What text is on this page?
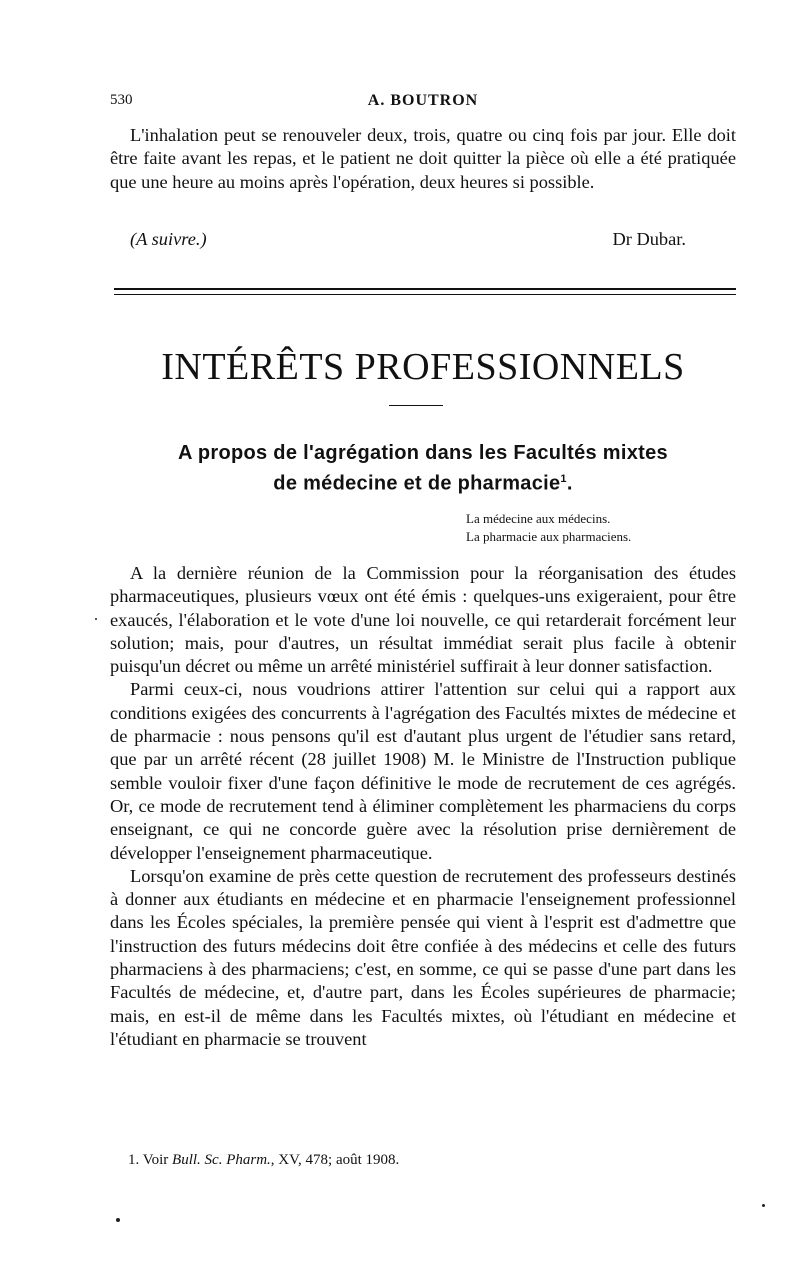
530	A. BOUTRON

L'inhalation peut se renouveler deux, trois, quatre ou cinq fois par jour. Elle doit être faite avant les repas, et le patient ne doit quitter la pièce où elle a été pratiquée que une heure au moins après l'opération, deux heures si possible.

(A suivre.)	Dr Dubar.
INTÉRÊTS PROFESSIONNELS
A propos de l'agrégation dans les Facultés mixtes
de médecine et de pharmacie$^1$.
La médecine aux médecins.
La pharmacie aux pharmaciens.

A la dernière réunion de la Commission pour la réorganisation des études pharmaceutiques, plusieurs vœux ont été émis : quelques-uns exigeraient, pour être exaucés, l'élaboration et le vote d'une loi nouvelle, ce qui retarderait forcément leur solution; mais, pour d'autres, un résultat immédiat serait plus facile à obtenir puisqu'un décret ou même un arrêté ministériel suffirait à leur donner satisfaction.

Parmi ceux-ci, nous voudrions attirer l'attention sur celui qui a rapport aux conditions exigées des concurrents à l'agrégation des Facultés mixtes de médecine et de pharmacie : nous pensons qu'il est d'autant plus urgent de l'étudier sans retard, que par un arrêté récent (28 juillet 1908) M. le Ministre de l'Instruction publique semble vouloir fixer d'une façon définitive le mode de recrutement de ces agrégés. Or, ce mode de recrutement tend à éliminer complètement les pharmaciens du corps enseignant, ce qui ne concorde guère avec la résolution prise dernièrement de développer l'enseignement pharmaceutique.

Lorsqu'on examine de près cette question de recrutement des professeurs destinés à donner aux étudiants en médecine et en pharmacie l'enseignement professionnel dans les Écoles spéciales, la première pensée qui vient à l'esprit est d'admettre que l'instruction des futurs médecins doit être confiée à des médecins et celle des futurs pharmaciens à des pharmaciens; c'est, en somme, ce qui se passe d'une part dans les Facultés de médecine, et, d'autre part, dans les Écoles supérieures de pharmacie; mais, en est-il de même dans les Facultés mixtes, où l'étudiant en médecine et l'étudiant en pharmacie se trouvent

1. Voir Bull. Sc. Pharm., XV, 478; août 1908.
